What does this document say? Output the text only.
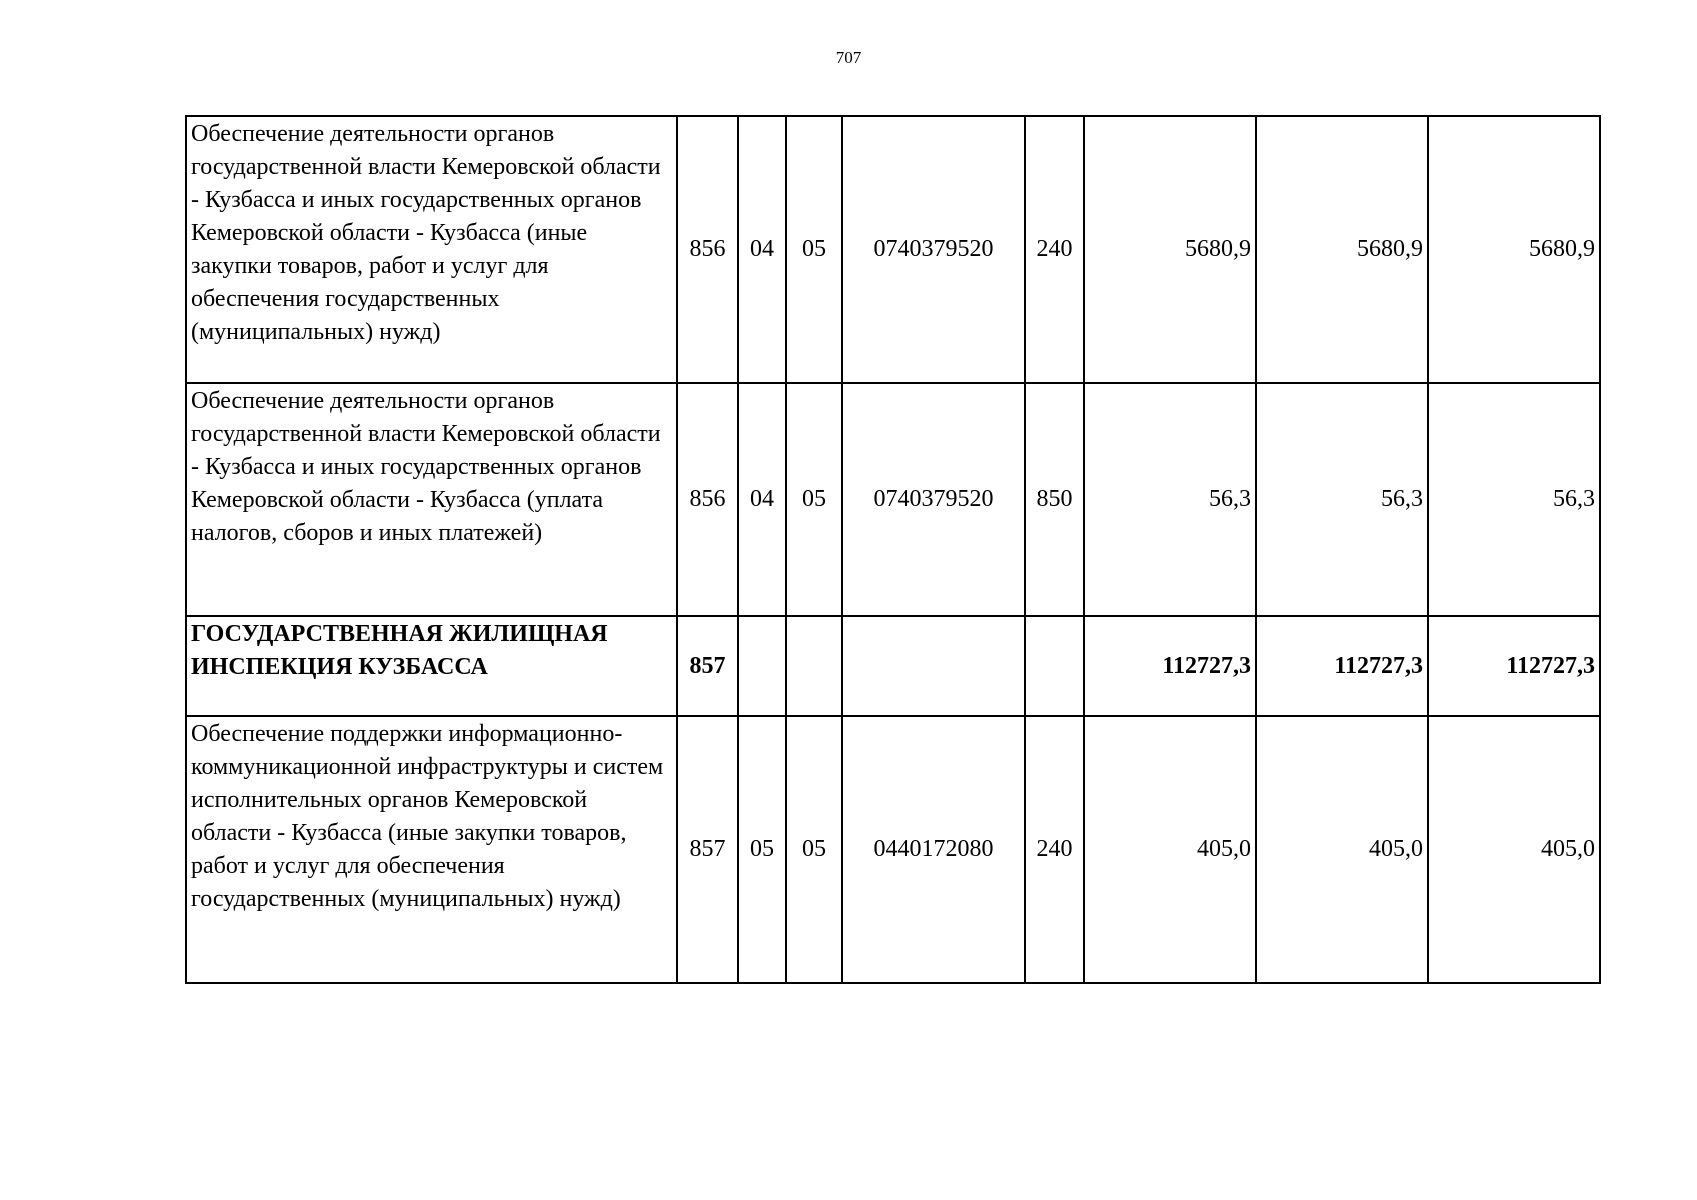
707
Обеспечение деятельности органов государственной власти Кемеровской области - Кузбасса и иных государственных органов Кемеровской области - Кузбасса (иные закупки товаров, работ и услуг для обеспечения государственных (муниципальных) нужд)	856	04	05	0740379520	240	5680,9	5680,9	5680,9
Обеспечение деятельности органов государственной власти Кемеровской области - Кузбасса и иных государственных органов Кемеровской области - Кузбасса (уплата налогов, сборов и иных платежей)	856	04	05	0740379520	850	56,3	56,3	56,3
ГОСУДАРСТВЕННАЯ ЖИЛИЩНАЯ ИНСПЕКЦИЯ КУЗБАССА	857					112727,3	112727,3	112727,3
Обеспечение поддержки информационно-коммуникационной инфраструктуры и систем исполнительных органов Кемеровской области - Кузбасса (иные закупки товаров, работ и услуг для обеспечения государственных (муниципальных) нужд)	857	05	05	0440172080	240	405,0	405,0	405,0
